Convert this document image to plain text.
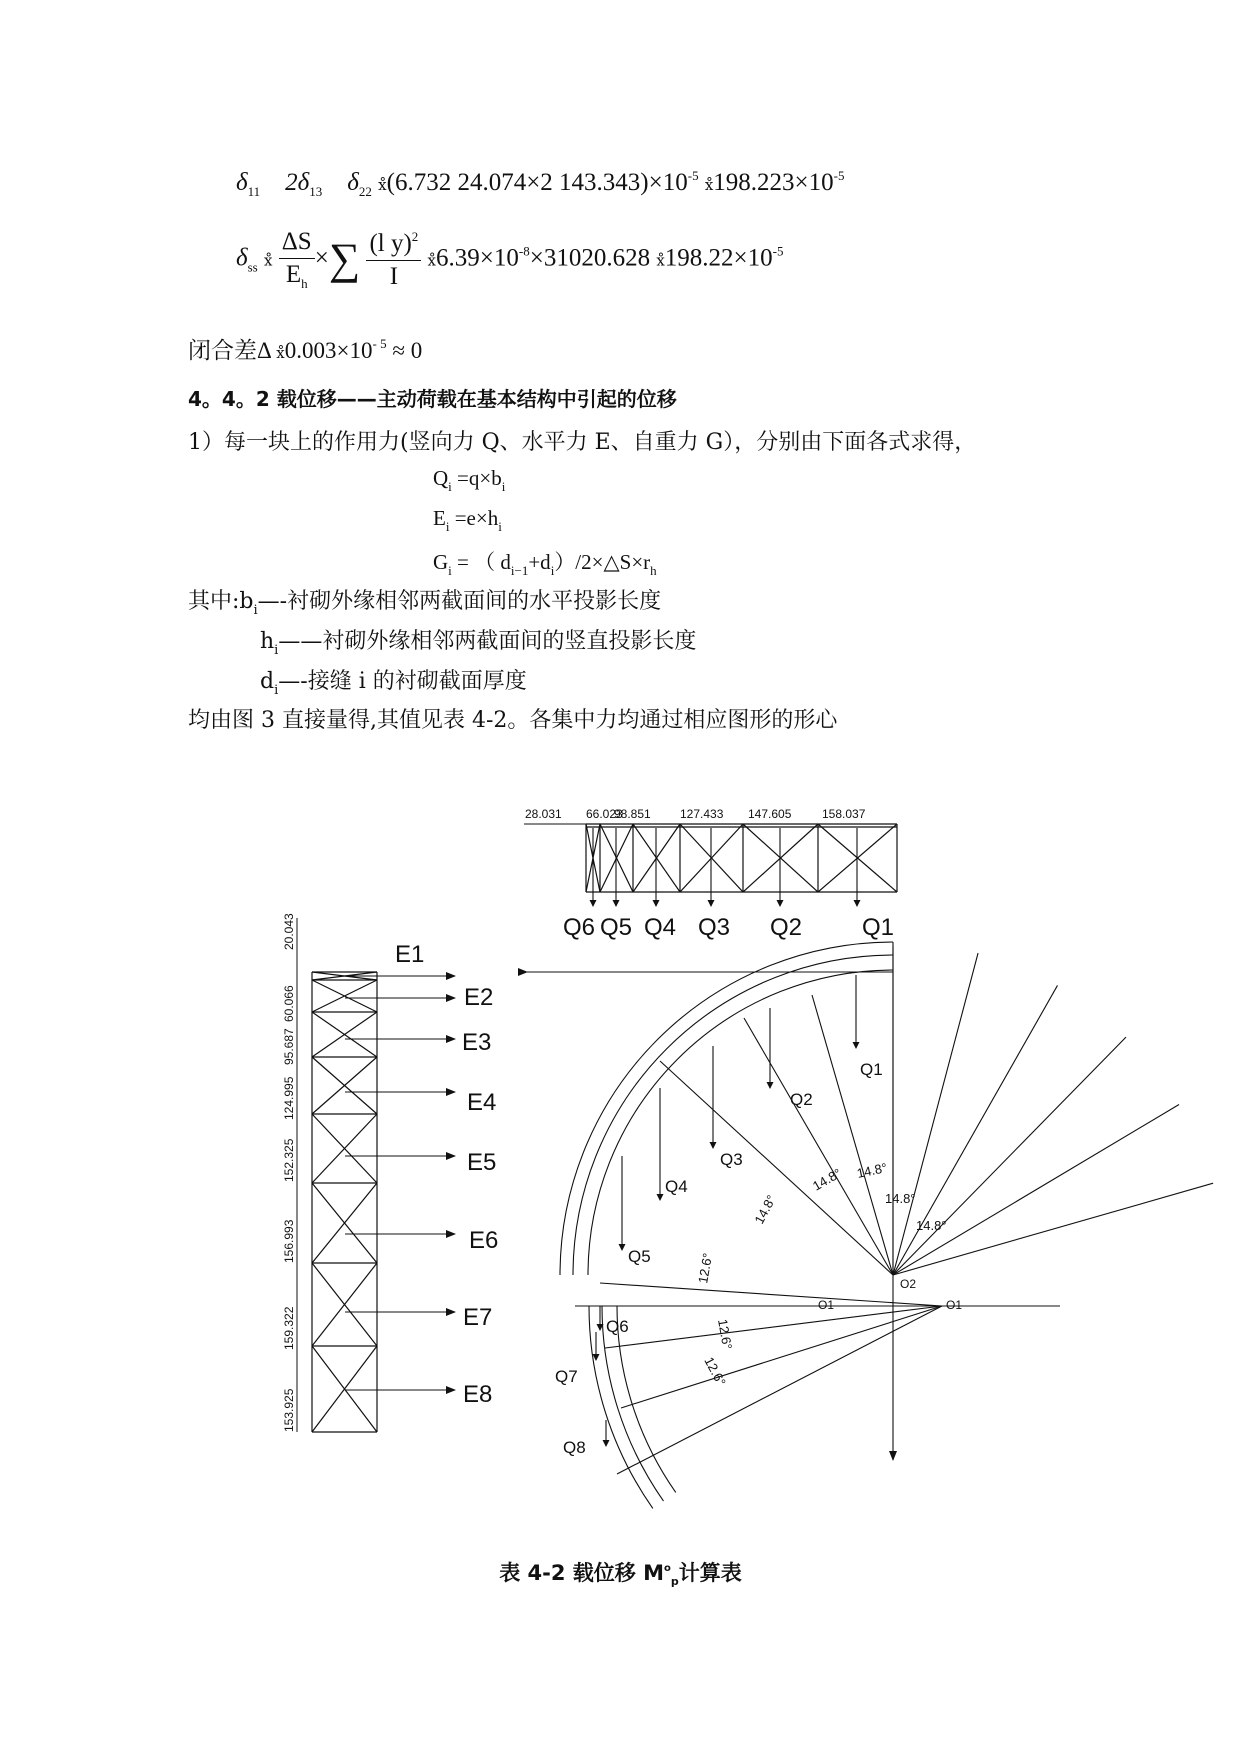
$\delta_{11}$ $2\delta_{13}$ $\delta_{22}$ ⅹ̊(6.732 24.074×2 $143.343)\times 10^{-5}$ $ⅹ̊198.223\times 10^{-5}$
$\delta_{ss}$ ⅹ̊ $\frac{\Delta S}{E_h}$ ×∑ $\frac{(l y)^2}{I}$ $ⅹ̊6.39\times 10^{-8}\times 31020.628$ $ⅹ̊198.22\times 10^{-5}$
闭合差Δ $ⅹ̊0.003\times 10^{- 5} \approx 0$
4。4。2 载位移——主动荷载在基本结构中引起的位移
1）每一块上的作用力(竖向力 Q、水平力 E、自重力 G），分别由下面各式求得，
$Q_i =q\times b_i$
$E_i =e\times h_i$
$G_i$ = （ $d_{i-1}+d_i)/2\times\triangle S\times r_h$
其中$:b_i—-$衬砌外缘相邻两截面间的水平投影长度
$h_i——$衬砌外缘相邻两截面间的竖直投影长度
$d_i—-$接缝 i 的衬砌截面厚度
均由图 3 直接量得,其值见表 4-2。各集中力均通过相应图形的形心
28.031 66.023
98.851 127.433 147.605	158.037
Q6 Q5 Q4 Q3 Q2 Q1
20.043
60.066
95.687
124.995
152.325
156.993
159.322
153.925
E1
E2
E3
E4
E5
E6
E7
E8
Q1
Q2
Q3
Q4
Q5
Q6
Q7
Q8
14.8° 14.8°
14.8°
14.8°
14.8°
12.6°
12.6°
12.6°
O2
O1	O1
表 4-2 载位移 $M^o_p$计算表
